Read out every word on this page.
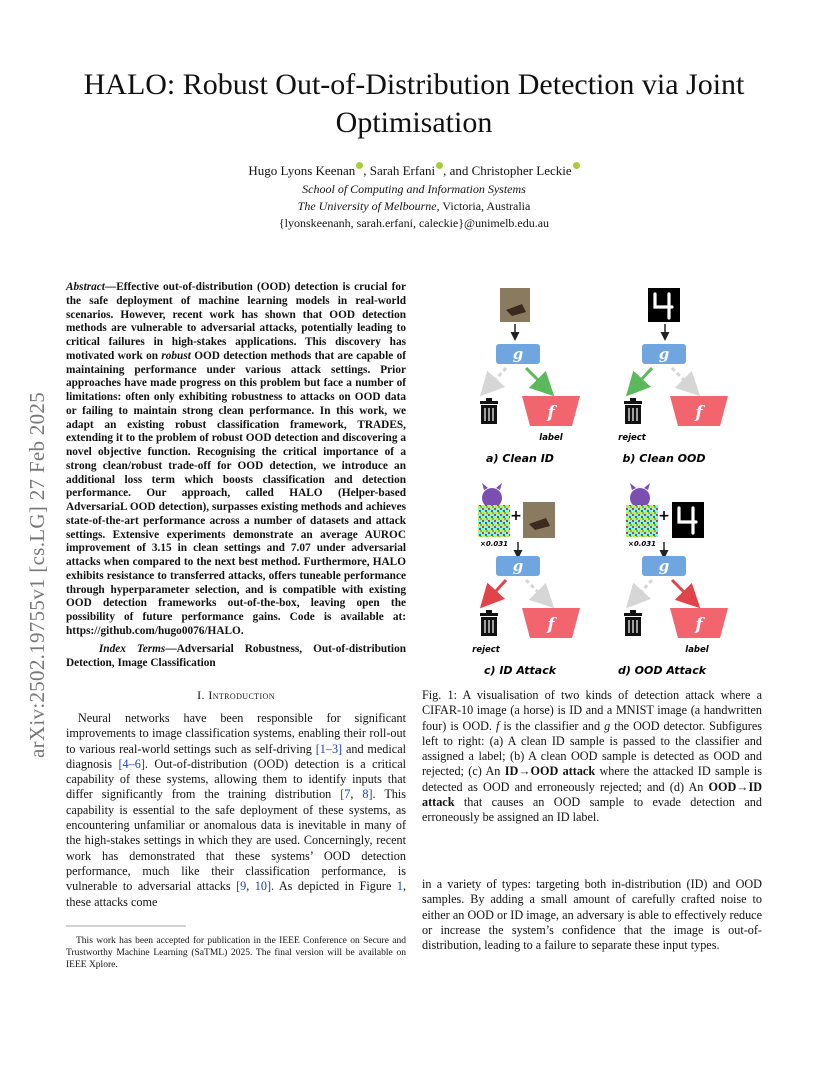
arXiv:2502.19755v1 [cs.LG] 27 Feb 2025
HALO: Robust Out-of-Distribution Detection via Joint Optimisation
Hugo Lyons Keenan , Sarah Erfani , and Christopher Leckie
School of Computing and Information Systems
The University of Melbourne, Victoria, Australia
{lyonskeenanh, sarah.erfani, caleckie}@unimelb.edu.au
Abstract—Effective out-of-distribution (OOD) detection is crucial for the safe deployment of machine learning models in real-world scenarios. However, recent work has shown that OOD detection methods are vulnerable to adversarial attacks, potentially leading to critical failures in high-stakes applications. This discovery has motivated work on robust OOD detection methods that are capable of maintaining performance under various attack settings. Prior approaches have made progress on this problem but face a number of limitations: often only exhibiting robustness to attacks on OOD data or failing to maintain strong clean performance. In this work, we adapt an existing robust classification framework, TRADES, extending it to the problem of robust OOD detection and discovering a novel objective function. Recognising the critical importance of a strong clean/robust trade-off for OOD detection, we introduce an additional loss term which boosts classification and detection performance. Our approach, called HALO (Helper-based AdversariaL OOD detection), surpasses existing methods and achieves state-of-the-art performance across a number of datasets and attack settings. Extensive experiments demonstrate an average AUROC improvement of 3.15 in clean settings and 7.07 under adversarial attacks when compared to the next best method. Furthermore, HALO exhibits resistance to transferred attacks, offers tuneable performance through hyperparameter selection, and is compatible with existing OOD detection frameworks out-of-the-box, leaving open the possibility of future performance gains. Code is available at: https://github.com/hugo0076/HALO.
Index Terms—Adversarial Robustness, Out-of-distribution Detection, Image Classification
I. Introduction

Neural networks have been responsible for significant improvements to image classification systems, enabling their roll-out to various real-world settings such as self-driving [1–3] and medical diagnosis [4–6]. Out-of-distribution (OOD) detection is a critical capability of these systems, allowing them to identify inputs that differ significantly from the training distribution [7, 8]. This capability is essential to the safe deployment of these systems, as encountering unfamiliar or anomalous data is inevitable in many of the high-stakes settings in which they are used. Concerningly, recent work has demonstrated that these systems’ OOD detection performance, much like their classification performance, is vulnerable to adversarial attacks [9, 10]. As depicted in Figure 1, these attacks come

This work has been accepted for publication in the IEEE Conference on Secure and Trustworthy Machine Learning (SaTML) 2025. The final version will be available on IEEE Xplore.
g
f
label
a) Clean ID
g
f
reject
b) Clean OOD
+
×0.031
g
f
reject
c) ID Attack
+
×0.031
g
f
label
d) OOD Attack
Fig. 1: A visualisation of two kinds of detection attack where a CIFAR-10 image (a horse) is ID and a MNIST image (a handwritten four) is OOD. f is the classifier and g the OOD detector. Subfigures left to right: (a) A clean ID sample is passed to the classifier and assigned a label; (b) A clean OOD sample is detected as OOD and rejected; (c) An ID→OOD attack where the attacked ID sample is detected as OOD and erroneously rejected; and (d) An OOD→ID attack that causes an OOD sample to evade detection and erroneously be assigned an ID label.
in a variety of types: targeting both in-distribution (ID) and OOD samples. By adding a small amount of carefully crafted noise to either an OOD or ID image, an adversary is able to effectively reduce or increase the system’s confidence that the image is out-of-distribution, leading to a failure to separate these input types.
